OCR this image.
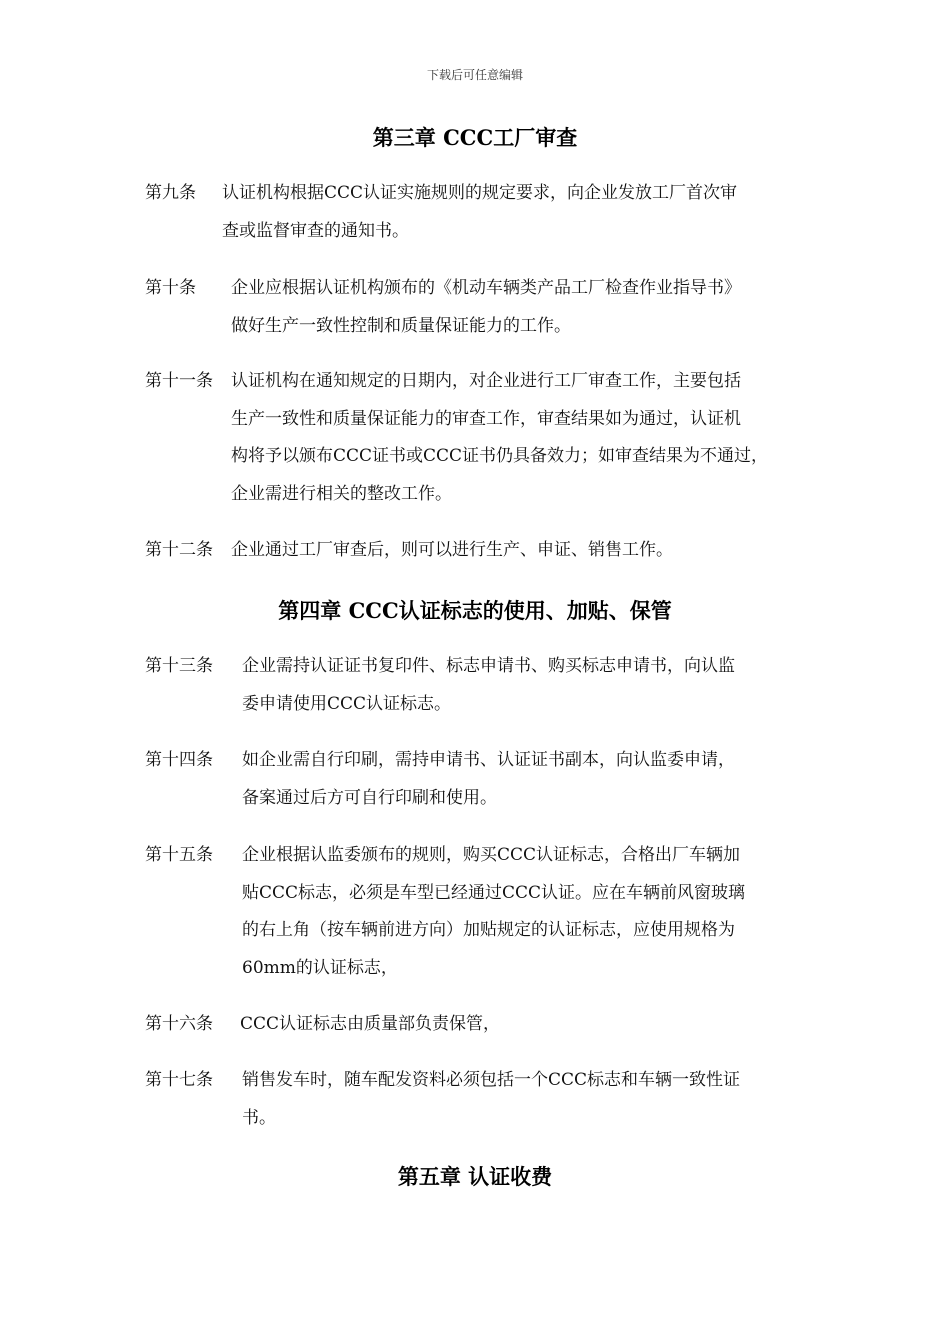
下载后可任意编辑
第三章 CCC工厂审查
第九条 认证机构根据CCC认证实施规则的规定要求，向企业发放工厂首次审
查或监督审查的通知书。
第十条 企业应根据认证机构颁布的《机动车辆类产品工厂检查作业指导书》
做好生产一致性控制和质量保证能力的工作。
第十一条 认证机构在通知规定的日期内，对企业进行工厂审查工作，主要包括
生产一致性和质量保证能力的审查工作，审查结果如为通过，认证机
构将予以颁布CCC证书或CCC证书仍具备效力；如审查结果为不通过，
企业需进行相关的整改工作。
第十二条 企业通过工厂审查后，则可以进行生产、申证、销售工作。
第四章 CCC认证标志的使用、加贴、保管
第十三条 企业需持认证证书复印件、标志申请书、购买标志申请书，向认监
委申请使用CCC认证标志。
第十四条 如企业需自行印刷，需持申请书、认证证书副本，向认监委申请，
备案通过后方可自行印刷和使用。
第十五条 企业根据认监委颁布的规则，购买CCC认证标志，合格出厂车辆加
贴CCC标志，必须是车型已经通过CCC认证。应在车辆前风窗玻璃
的右上角（按车辆前进方向）加贴规定的认证标志，应使用规格为
60mm的认证标志，
第十六条 CCC认证标志由质量部负责保管，
第十七条 销售发车时，随车配发资料必须包括一个CCC标志和车辆一致性证
书。
第五章 认证收费
